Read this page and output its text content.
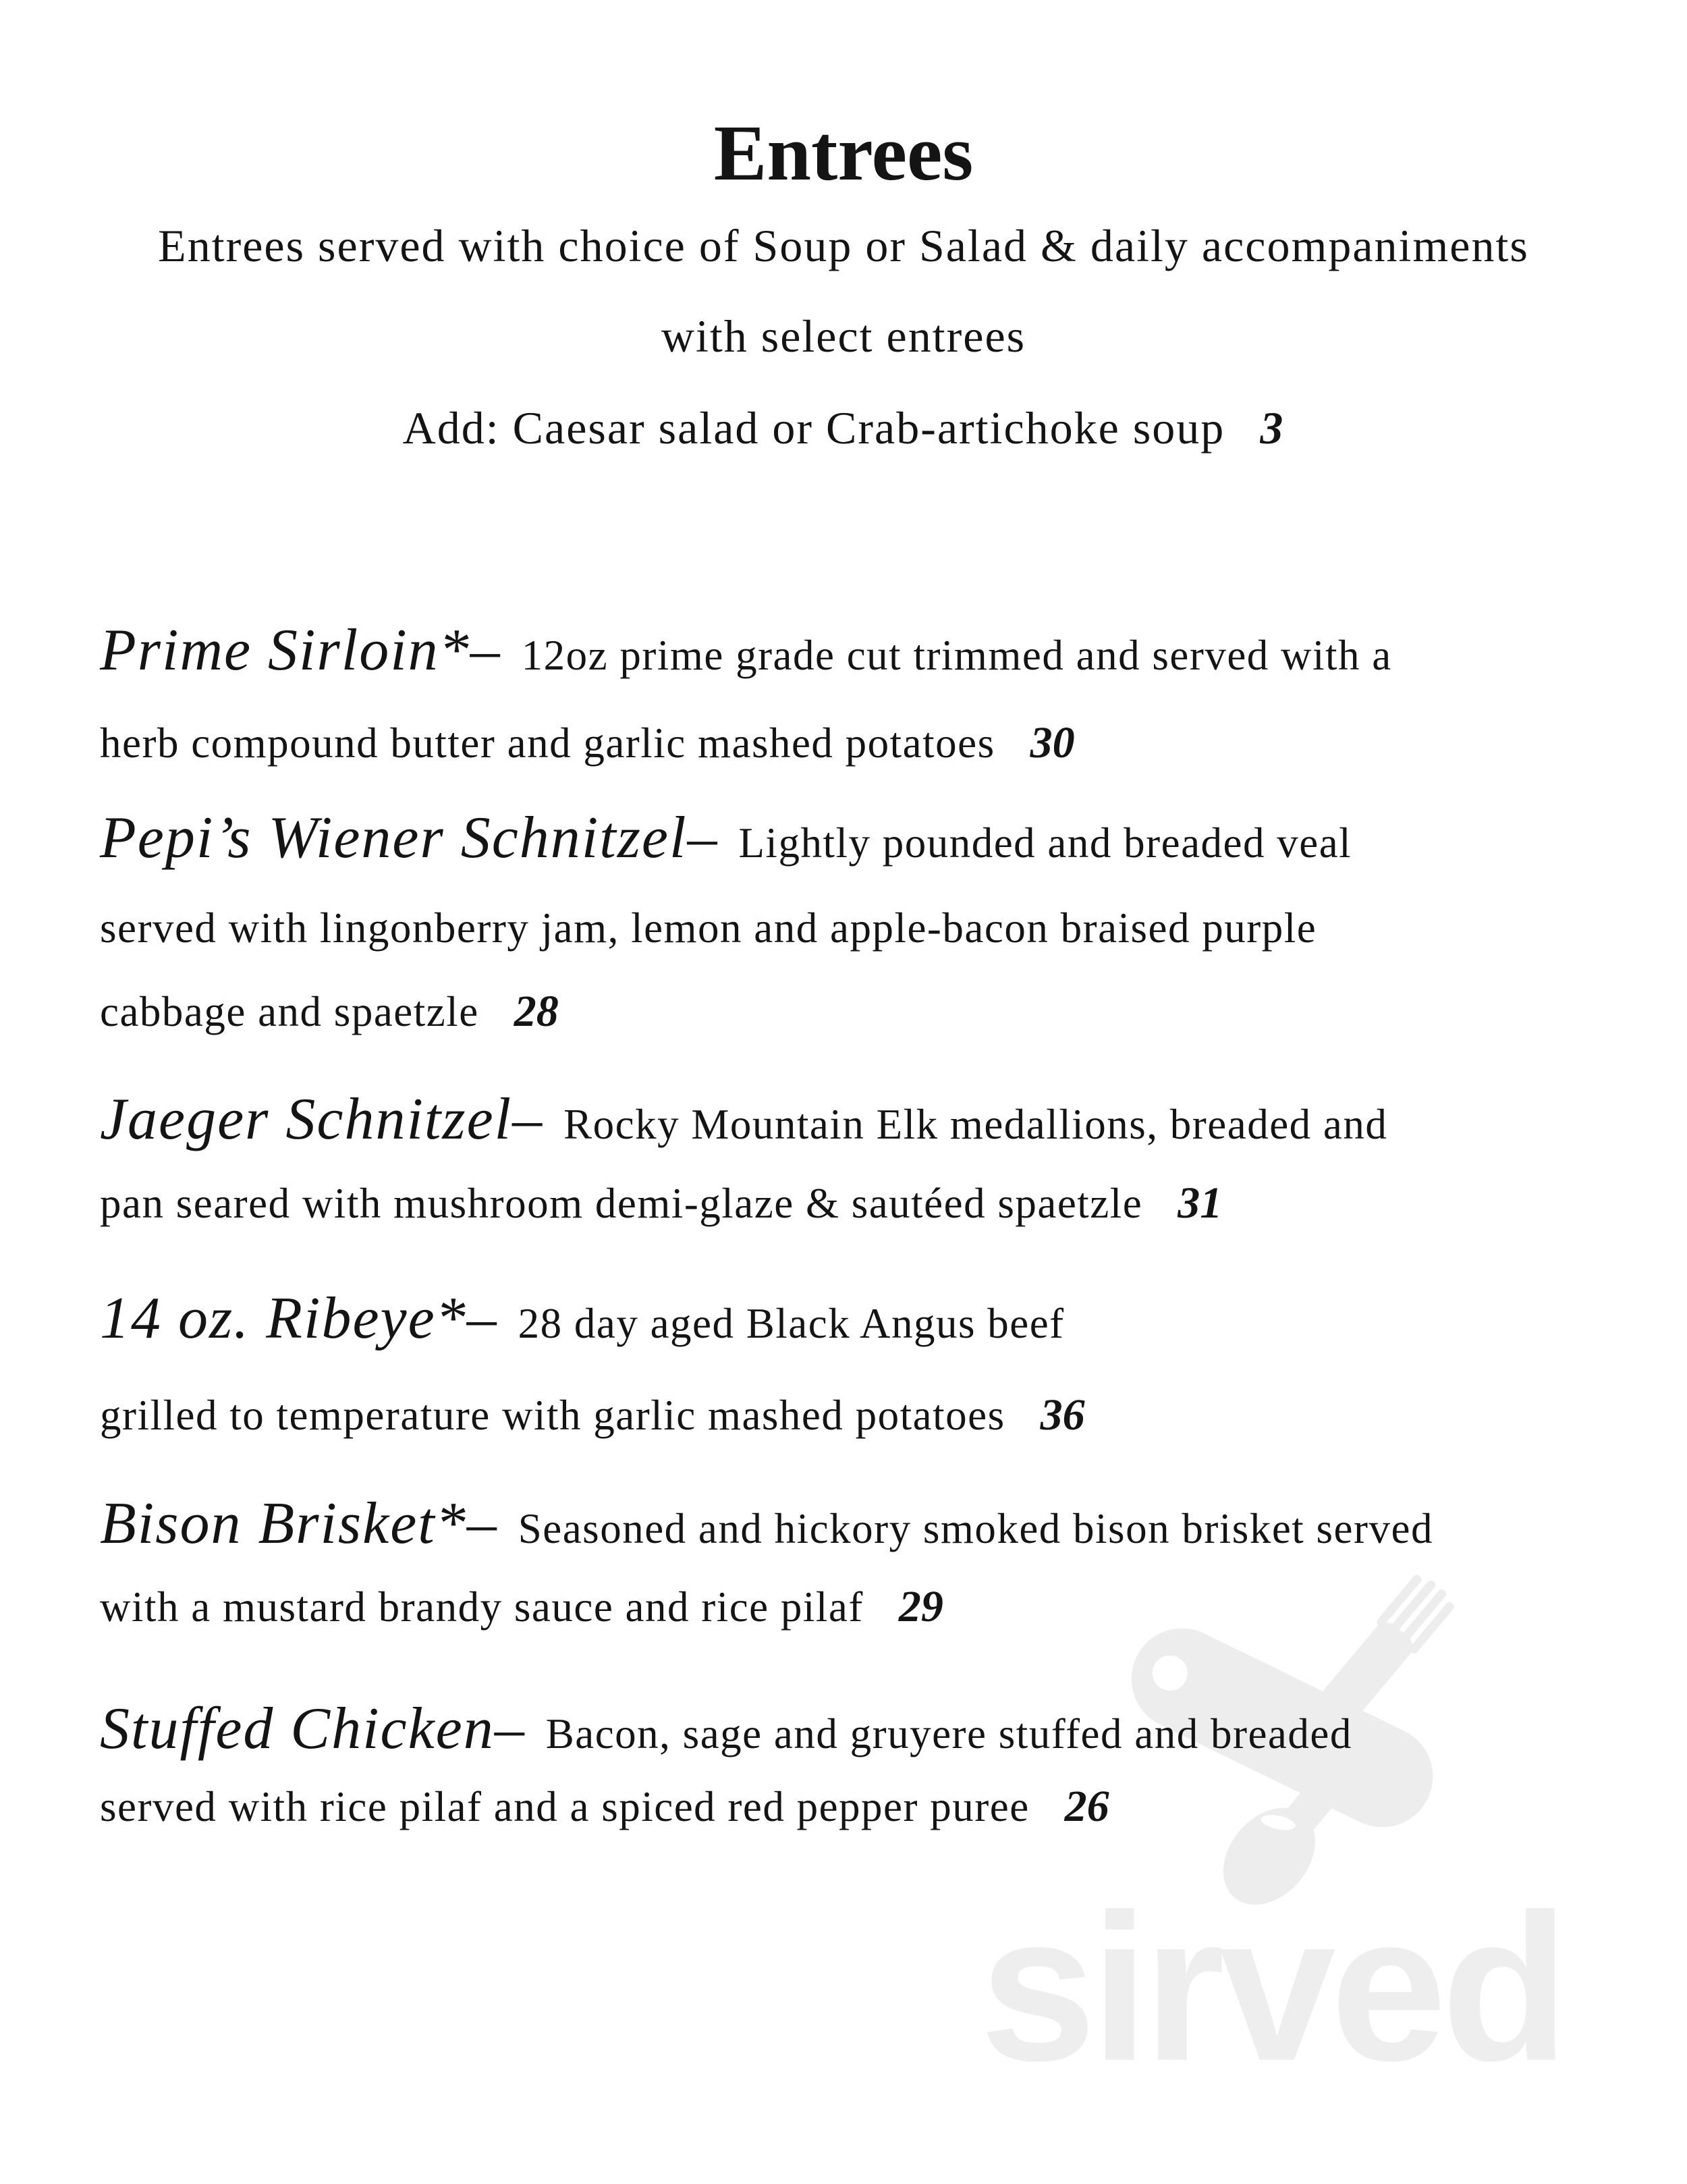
sirved
Entrees
Entrees served with choice of Soup or Salad & daily accompaniments
with select entrees
Add: Caesar salad or Crab-artichoke soup 3
Prime Sirloin*– 12oz prime grade cut trimmed and served with a
herb compound butter and garlic mashed potatoes 30
Pepi’s Wiener Schnitzel– Lightly pounded and breaded veal
served with lingonberry jam, lemon and apple-bacon braised purple
cabbage and spaetzle 28
Jaeger Schnitzel– Rocky Mountain Elk medallions, breaded and
pan seared with mushroom demi-glaze & sautéed spaetzle 31
14 oz. Ribeye*– 28 day aged Black Angus beef
grilled to temperature with garlic mashed potatoes 36
Bison Brisket*– Seasoned and hickory smoked bison brisket served
with a mustard brandy sauce and rice pilaf 29
Stuffed Chicken– Bacon, sage and gruyere stuffed and breaded
served with rice pilaf and a spiced red pepper puree 26
